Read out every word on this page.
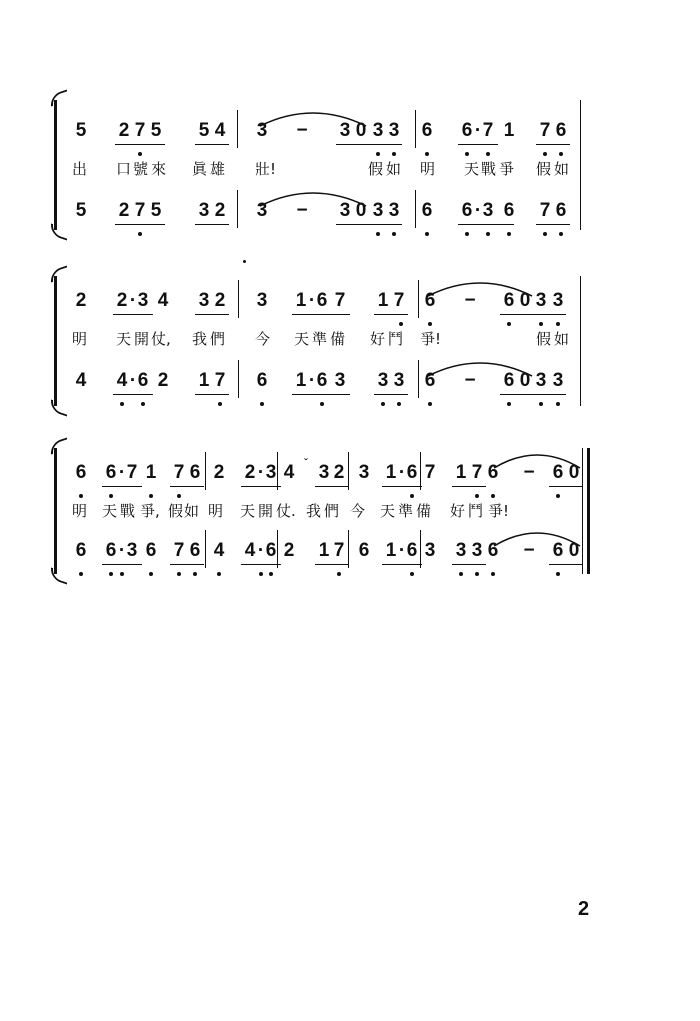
5 2 7 5 5 4 3 − 3 0 3 3 6 6 · 7 1 7 6
出 口 號 來 眞 雄 壯!	假 如 明 天 戰 爭 假 如
5 2 7 5 3 2 3 − 3 0 3 3 6 6 · 3 6 7 6
2 2 · 3 4 3 2 3 1 · 6 7 1 7 6 − 6 0 3 3
明 天 開 仗, 我 們 今 天 準 備 好 鬥 爭!	假 如
4 4 · 6 2 1 7 6 1 · 6 3 3 3 6 − 6 0 3 3
6 6 · 7 1 7 6 2 2 · 3 4 3 2 3 1 · 6 7 1 7 6 − 6 0
ˇ
明 天 戰 爭, 假 如 明 天 開 仗. 我 們 今 天 準 備 好 鬥 爭!
6 6 · 3 6 7 6 4 4 · 6 2 1 7 6 1 · 6 3 3 3 6 − 6 0
2
